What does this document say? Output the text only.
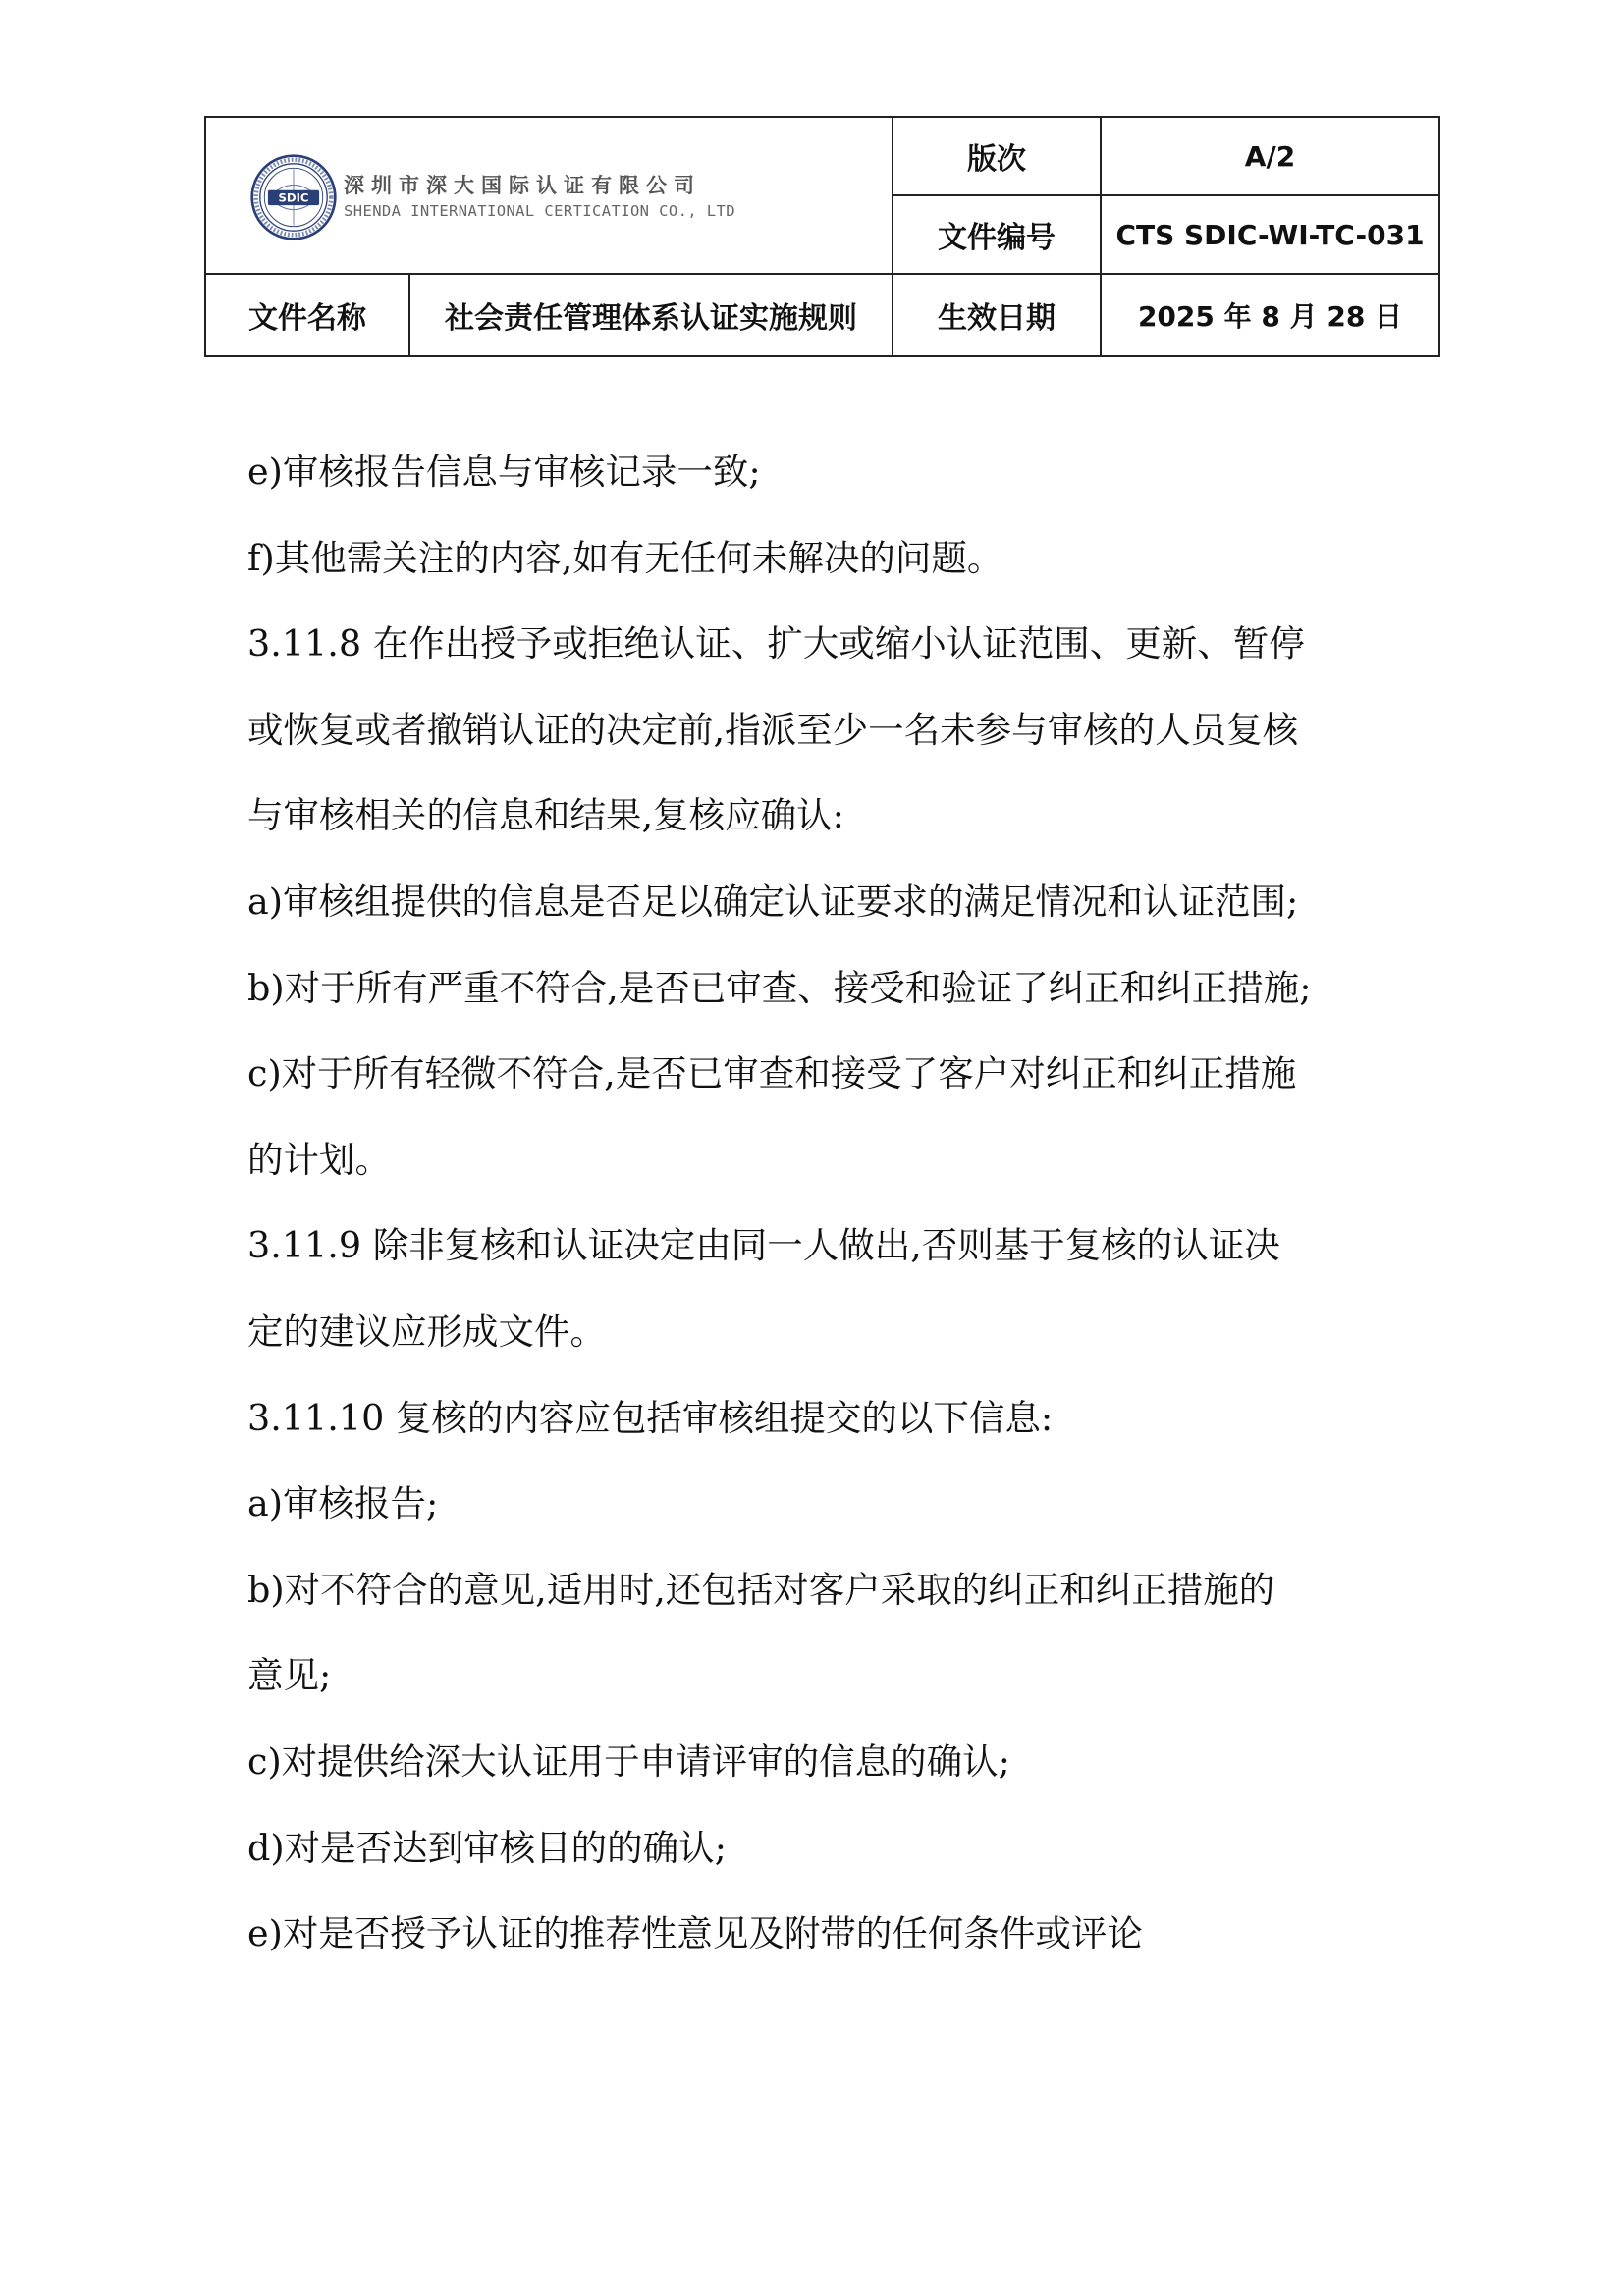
SDIC
深圳市深大国际认证有限公司
SHENDA INTERNATIONAL CERTICATION CO., LTD		版次	A/2
		文件编号	CTS SDIC-WI-TC-031
文件名称	社会责任管理体系认证实施规则	生效日期	2025 年 8 月 28 日

e)审核报告信息与审核记录一致;

f)其他需关注的内容,如有无任何未解决的问题。

3.11.8 在作出授予或拒绝认证、扩大或缩小认证范围、更新、暂停

或恢复或者撤销认证的决定前,指派至少一名未参与审核的人员复核

与审核相关的信息和结果,复核应确认:

a)审核组提供的信息是否足以确定认证要求的满足情况和认证范围;

b)对于所有严重不符合,是否已审查、接受和验证了纠正和纠正措施;

c)对于所有轻微不符合,是否已审查和接受了客户对纠正和纠正措施

的计划。

3.11.9 除非复核和认证决定由同一人做出,否则基于复核的认证决

定的建议应形成文件。

3.11.10 复核的内容应包括审核组提交的以下信息:

a)审核报告;

b)对不符合的意见,适用时,还包括对客户采取的纠正和纠正措施的

意见;

c)对提供给深大认证用于申请评审的信息的确认;

d)对是否达到审核目的的确认;

e)对是否授予认证的推荐性意见及附带的任何条件或评论
